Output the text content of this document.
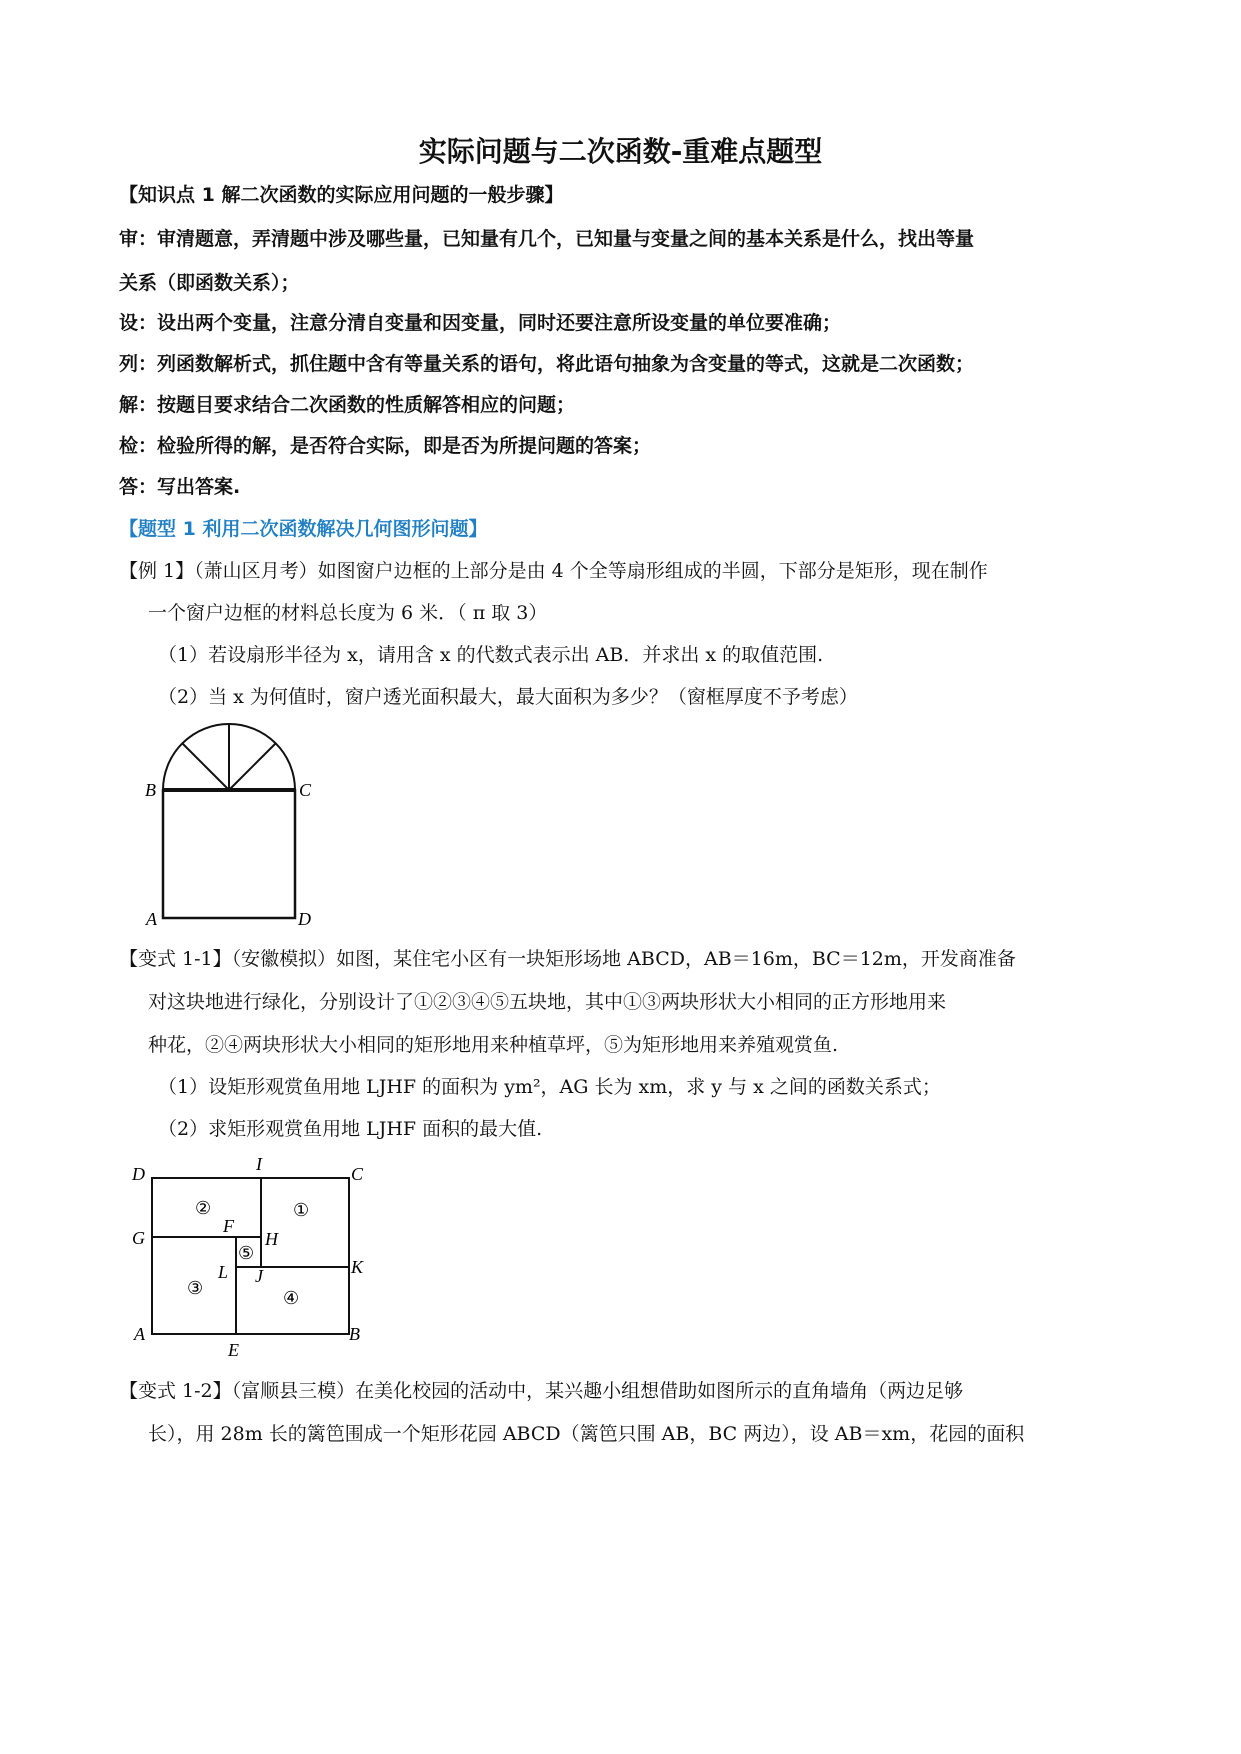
实际问题与二次函数-重难点题型
【知识点 1 解二次函数的实际应用问题的一般步骤】
审：审清题意，弄清题中涉及哪些量，已知量有几个，已知量与变量之间的基本关系是什么，找出等量
关系（即函数关系）；
设：设出两个变量，注意分清自变量和因变量，同时还要注意所设变量的单位要准确；
列：列函数解析式，抓住题中含有等量关系的语句，将此语句抽象为含变量的等式，这就是二次函数；
解：按题目要求结合二次函数的性质解答相应的问题；
检：检验所得的解，是否符合实际，即是否为所提问题的答案；
答：写出答案.
【题型 1 利用二次函数解决几何图形问题】
【例 1】（萧山区月考）如图窗户边框的上部分是由 4 个全等扇形组成的半圆，下部分是矩形，现在制作
一个窗户边框的材料总长度为 6 米．（ π 取 3）
（1）若设扇形半径为 x，请用含 x 的代数式表示出 AB．并求出 x 的取值范围.
（2）当 x 为何值时，窗户透光面积最大，最大面积为多少？（窗框厚度不予考虑）
B	C
A	D
【变式 1-1】（安徽模拟）如图，某住宅小区有一块矩形场地 ABCD，AB＝16m，BC＝12m，开发商准备
对这块地进行绿化，分别设计了①②③④⑤五块地，其中①③两块形状大小相同的正方形地用来
种花，②④两块形状大小相同的矩形地用来种植草坪，⑤为矩形地用来养殖观赏鱼.
（1）设矩形观赏鱼用地 LJHF 的面积为 ym²，AG 长为 xm，求 y 与 x 之间的函数关系式；
（2）求矩形观赏鱼用地 LJHF 面积的最大值.
D	I	C
G
F
H
K
L J
A
E
B
①
②
③	④
⑤
【变式 1-2】（富顺县三模）在美化校园的活动中，某兴趣小组想借助如图所示的直角墙角（两边足够
长），用 28m 长的篱笆围成一个矩形花园 ABCD（篱笆只围 AB，BC 两边），设 AB＝xm，花园的面积
